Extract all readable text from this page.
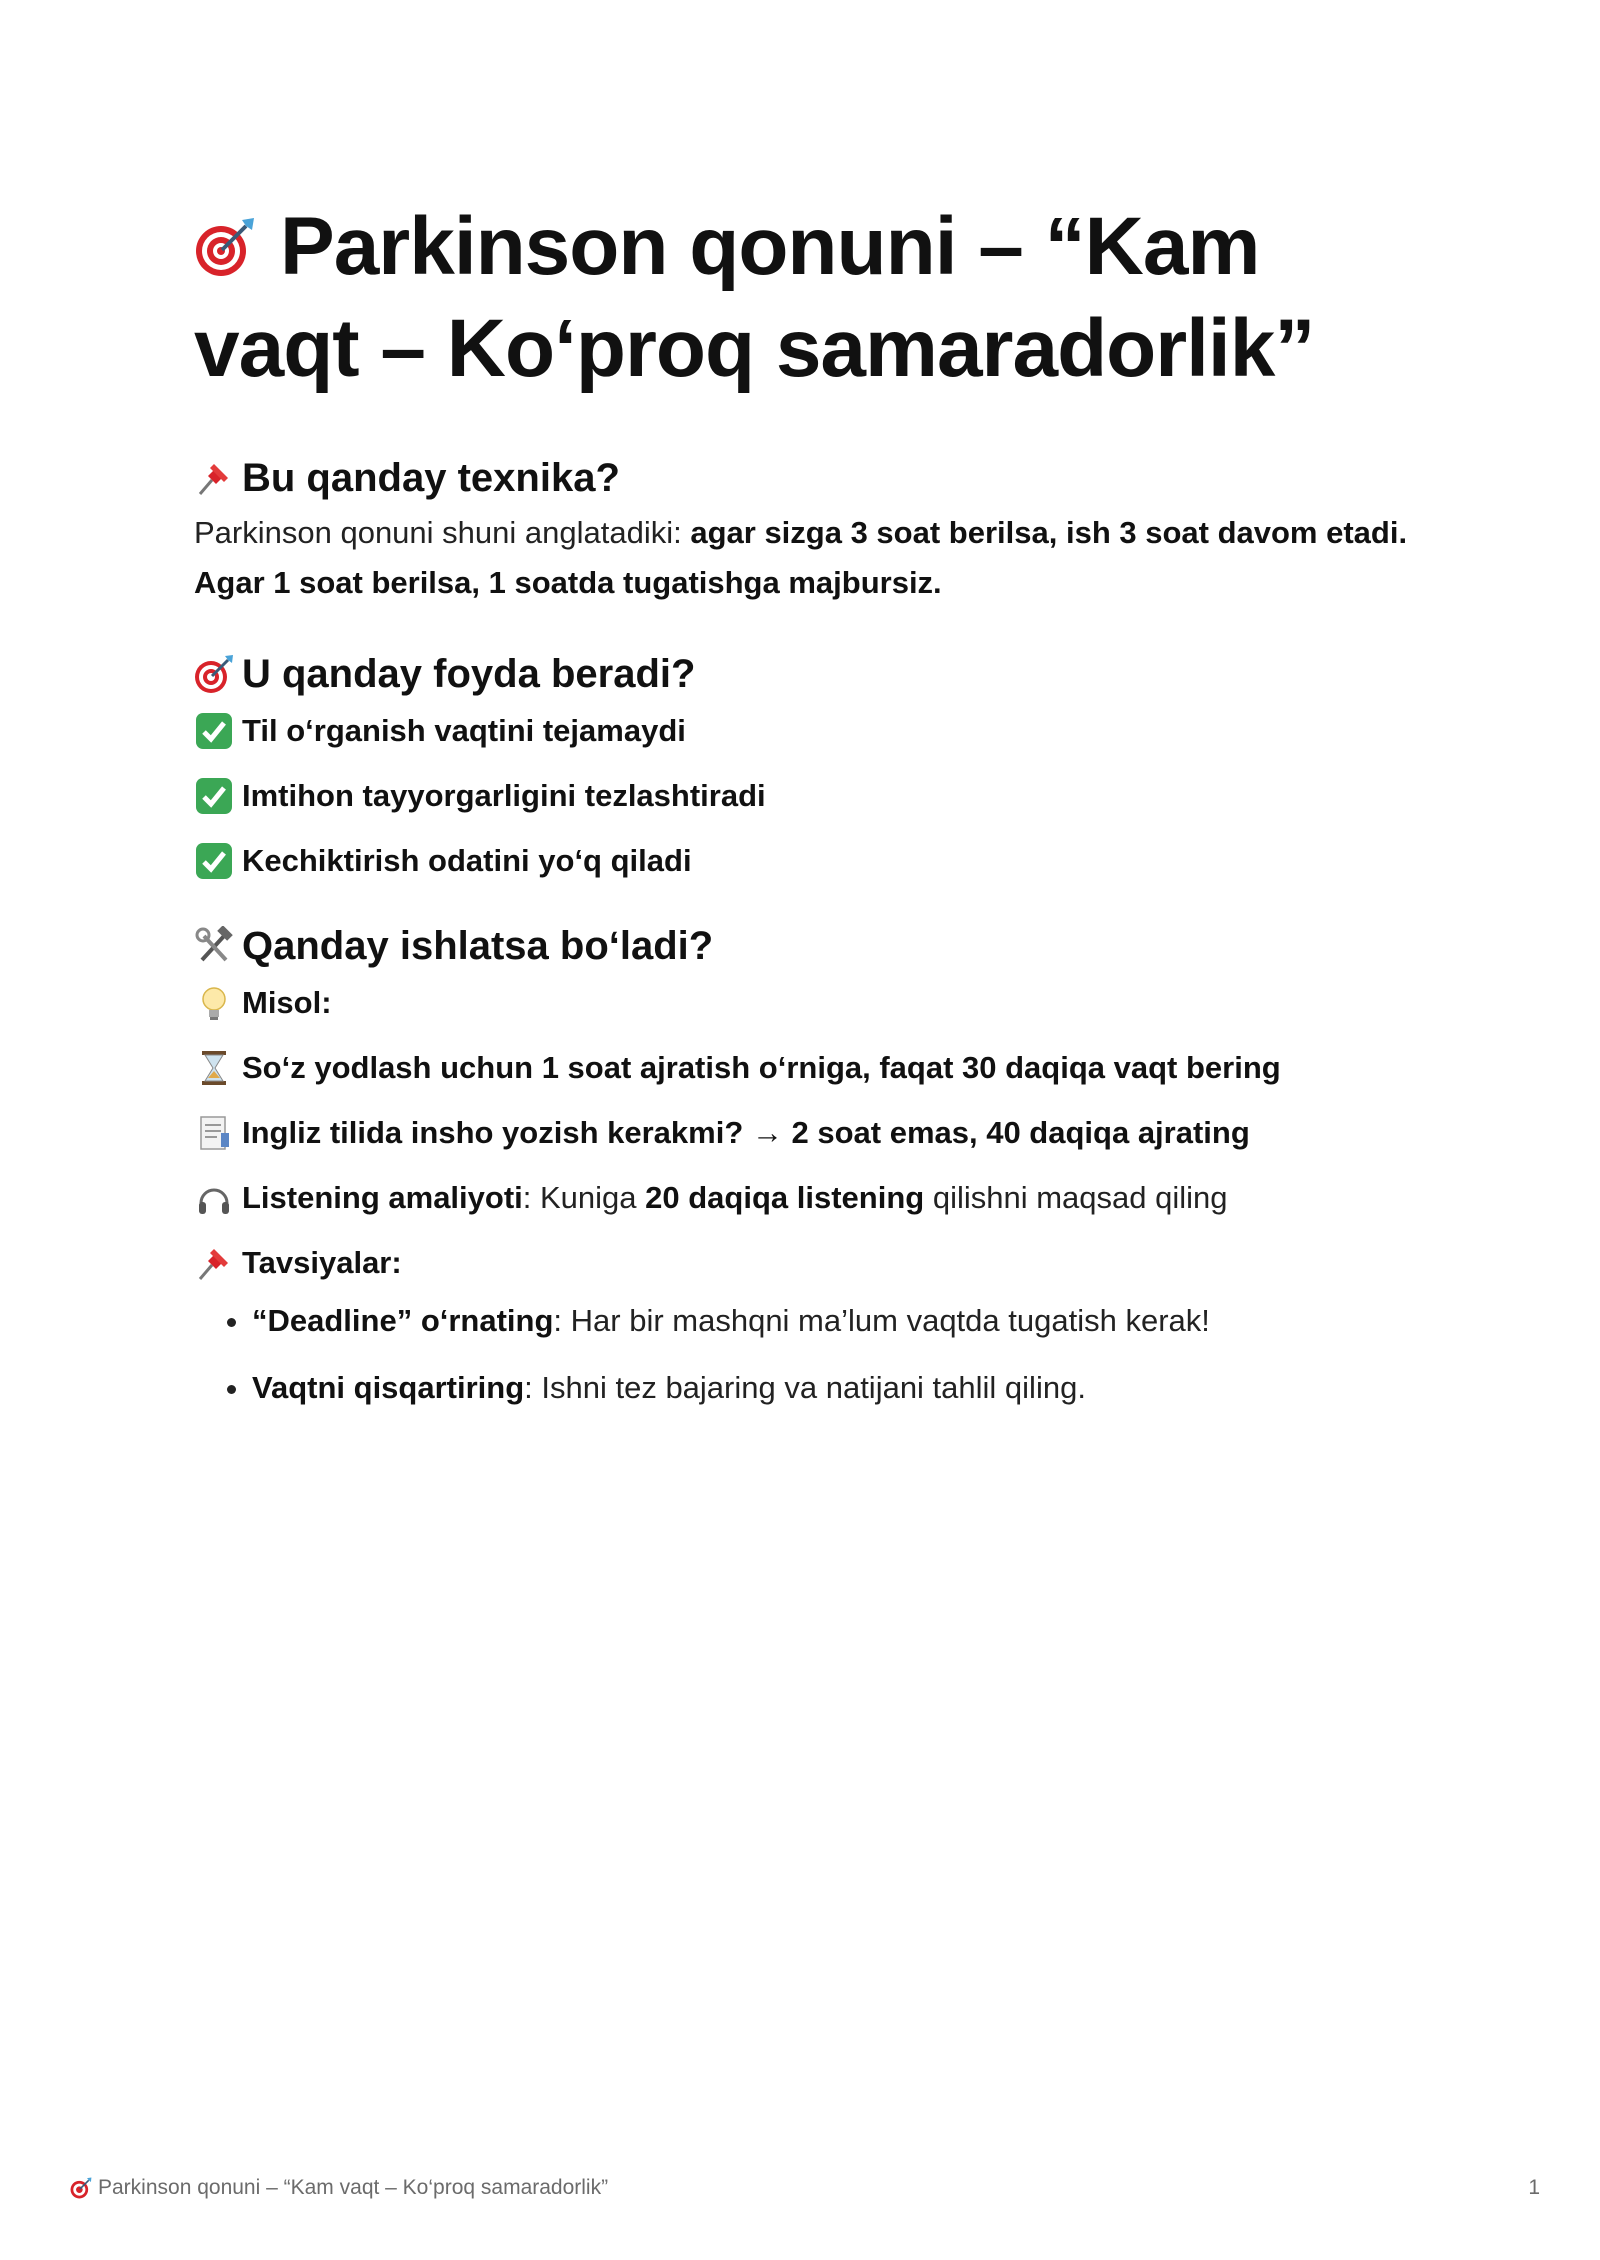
Parkinson qonuni – “Kam vaqt – Ko‘proq samaradorlik”
Bu qanday texnika?

Parkinson qonuni shuni anglatadiki: agar sizga 3 soat berilsa, ish 3 soat davom etadi. Agar 1 soat berilsa, 1 soatda tugatishga majbursiz.

U qanday foyda beradi?
Til o‘rganish vaqtini tejamaydi
Imtihon tayyorgarligini tezlashtiradi
Kechiktirish odatini yo‘q qiladi
Qanday ishlatsa bo‘ladi?
Misol:
So‘z yodlash uchun 1 soat ajratish o‘rniga, faqat 30 daqiqa vaqt bering
Ingliz tilida insho yozish kerakmi? → 2 soat emas, 40 daqiqa ajrating
Listening amaliyoti: Kuniga 20 daqiqa listening qilishni maqsad qiling
Tavsiyalar:
• “Deadline” o‘rnating: Har bir mashqni ma’lum vaqtda tugatish kerak!
• Vaqtni qisqartiring: Ishni tez bajaring va natijani tahlil qiling.
Parkinson qonuni – “Kam vaqt – Ko‘proq samaradorlik”	1
